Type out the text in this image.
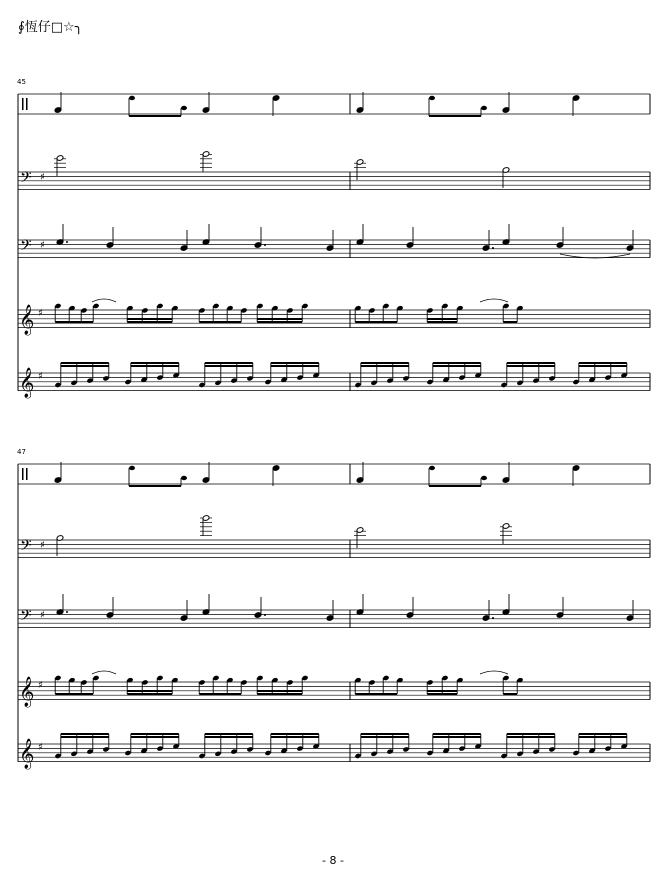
∮恆仔□☆╮
45
47
𝄢 ♯
𝄢 ♯
𝄞 ♯
𝄞 ♯
𝄢 ♯
𝄢 ♯
𝄞 ♯
𝄞 ♯
- 8 -
